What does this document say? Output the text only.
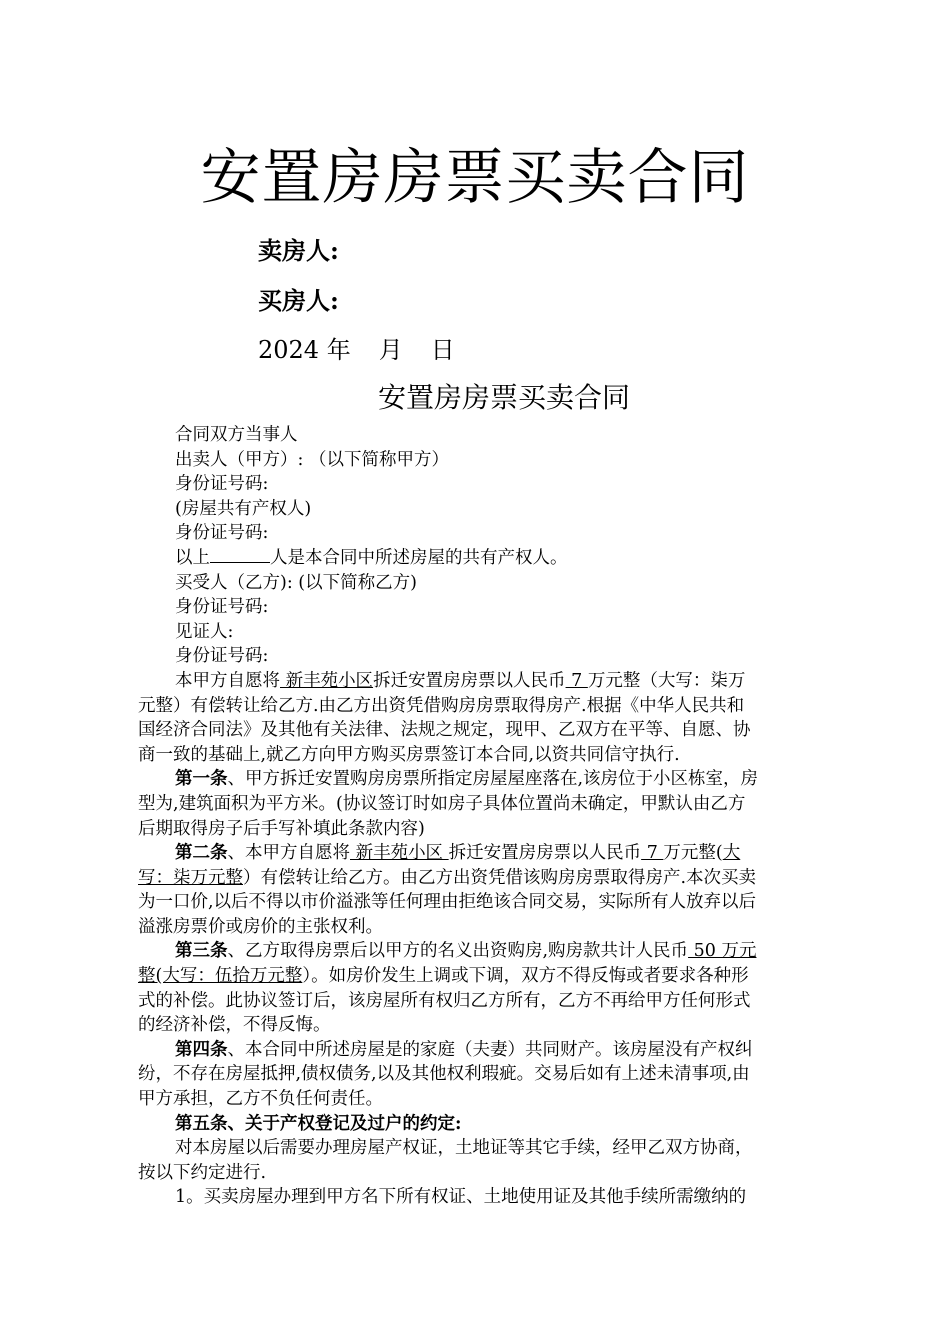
安置房房票买卖合同
卖房人:
买房人:
2024 年 月 日
安置房房票买卖合同
合同双方当事人
出卖人（甲方）: （以下简称甲方）
身份证号码:
(房屋共有产权人)
身份证号码:
以上	人是本合同中所述房屋的共有产权人。
买受人（乙方): (以下简称乙方)
身份证号码:
见证人:
身份证号码:
本甲方自愿将 新丰苑小区拆迁安置房房票以人民币 7 万元整（大写：柒万
元整）有偿转让给乙方.由乙方出资凭借购房房票取得房产.根据《中华人民共和
国经济合同法》及其他有关法律、法规之规定，现甲、乙双方在平等、自愿、协
商一致的基础上,就乙方向甲方购买房票签订本合同,以资共同信守执行.
第一条、甲方拆迁安置购房房票所指定房屋屋座落在,该房位于小区栋室，房
型为,建筑面积为平方米。(协议签订时如房子具体位置尚未确定，甲默认由乙方
后期取得房子后手写补填此条款内容)
第二条、本甲方自愿将 新丰苑小区 拆迁安置房房票以人民币 7 万元整(大
写：柒万元整）有偿转让给乙方。由乙方出资凭借该购房房票取得房产.本次买卖
为一口价,以后不得以市价溢涨等任何理由拒绝该合同交易，实际所有人放弃以后
溢涨房票价或房价的主张权利。
第三条、乙方取得房票后以甲方的名义出资购房,购房款共计人民币 50 万元
整(大写：伍拾万元整）。如房价发生上调或下调，双方不得反悔或者要求各种形
式的补偿。此协议签订后，该房屋所有权归乙方所有，乙方不再给甲方任何形式
的经济补偿，不得反悔。
第四条、本合同中所述房屋是的家庭（夫妻）共同财产。该房屋没有产权纠
纷，不存在房屋抵押,债权债务,以及其他权利瑕疵。交易后如有上述未清事项,由
甲方承担，乙方不负任何责任。
第五条、关于产权登记及过户的约定:
对本房屋以后需要办理房屋产权证，土地证等其它手续，经甲乙双方协商，
按以下约定进行.
1。买卖房屋办理到甲方名下所有权证、土地使用证及其他手续所需缴纳的
